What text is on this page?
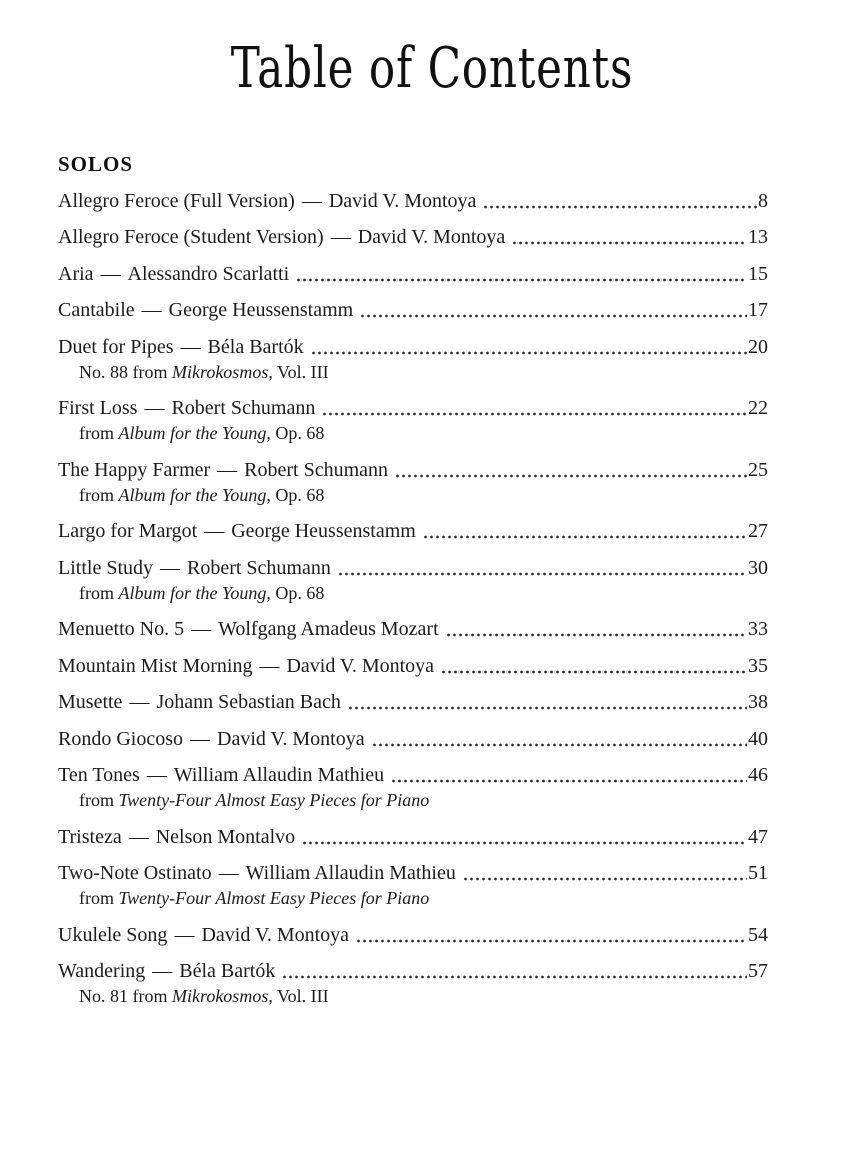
Table of Contents
SOLOS
Allegro Feroce (Full Version) — David V. Montoya	8
Allegro Feroce (Student Version) — David V. Montoya	13
Aria — Alessandro Scarlatti	15
Cantabile — George Heussenstamm	17
Duet for Pipes — Béla Bartók	20
No. 88 from Mikrokosmos, Vol. III
First Loss — Robert Schumann	22
from Album for the Young, Op. 68
The Happy Farmer — Robert Schumann	25
from Album for the Young, Op. 68
Largo for Margot — George Heussenstamm	27
Little Study — Robert Schumann	30
from Album for the Young, Op. 68
Menuetto No. 5 — Wolfgang Amadeus Mozart	33
Mountain Mist Morning — David V. Montoya	35
Musette — Johann Sebastian Bach	38
Rondo Giocoso — David V. Montoya	40
Ten Tones — William Allaudin Mathieu	46
from Twenty-Four Almost Easy Pieces for Piano
Tristeza — Nelson Montalvo	47
Two-Note Ostinato — William Allaudin Mathieu	51
from Twenty-Four Almost Easy Pieces for Piano
Ukulele Song — David V. Montoya	54
Wandering — Béla Bartók	57
No. 81 from Mikrokosmos, Vol. III
